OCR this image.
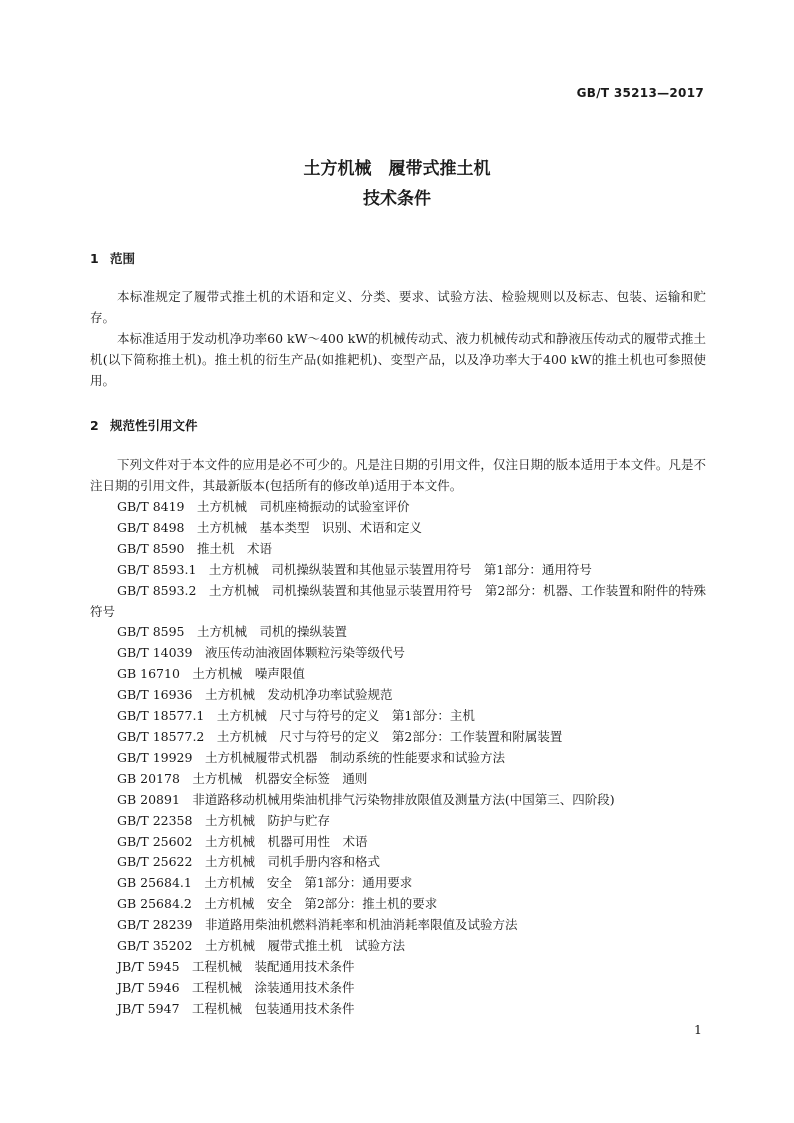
GB/T 35213—2017
土方机械　履带式推土机
技术条件
1 范围
本标准规定了履带式推土机的术语和定义、分类、要求、试验方法、检验规则以及标志、包装、运输和贮存。
本标准适用于发动机净功率60 kW～400 kW的机械传动式、液力机械传动式和静液压传动式的履带式推土机(以下简称推土机)。推土机的衍生产品(如推耙机)、变型产品，以及净功率大于400 kW的推土机也可参照使用。
2 规范性引用文件
下列文件对于本文件的应用是必不可少的。凡是注日期的引用文件，仅注日期的版本适用于本文件。凡是不注日期的引用文件，其最新版本(包括所有的修改单)适用于本文件。
GB/T 8419　土方机械　司机座椅振动的试验室评价
GB/T 8498　土方机械　基本类型　识别、术语和定义
GB/T 8590　推土机　术语
GB/T 8593.1　土方机械　司机操纵装置和其他显示装置用符号　第1部分：通用符号
GB/T 8593.2　土方机械　司机操纵装置和其他显示装置用符号　第2部分：机器、工作装置和附件的特殊符号
GB/T 8595　土方机械　司机的操纵装置
GB/T 14039　液压传动油液固体颗粒污染等级代号
GB 16710　土方机械　噪声限值
GB/T 16936　土方机械　发动机净功率试验规范
GB/T 18577.1　土方机械　尺寸与符号的定义　第1部分：主机
GB/T 18577.2　土方机械　尺寸与符号的定义　第2部分：工作装置和附属装置
GB/T 19929　土方机械履带式机器　制动系统的性能要求和试验方法
GB 20178　土方机械　机器安全标签　通则
GB 20891　非道路移动机械用柴油机排气污染物排放限值及测量方法(中国第三、四阶段)
GB/T 22358　土方机械　防护与贮存
GB/T 25602　土方机械　机器可用性　术语
GB/T 25622　土方机械　司机手册内容和格式
GB 25684.1　土方机械　安全　第1部分：通用要求
GB 25684.2　土方机械　安全　第2部分：推土机的要求
GB/T 28239　非道路用柴油机燃料消耗率和机油消耗率限值及试验方法
GB/T 35202　土方机械　履带式推土机　试验方法
JB/T 5945　工程机械　装配通用技术条件
JB/T 5946　工程机械　涂装通用技术条件
JB/T 5947　工程机械　包装通用技术条件
1
